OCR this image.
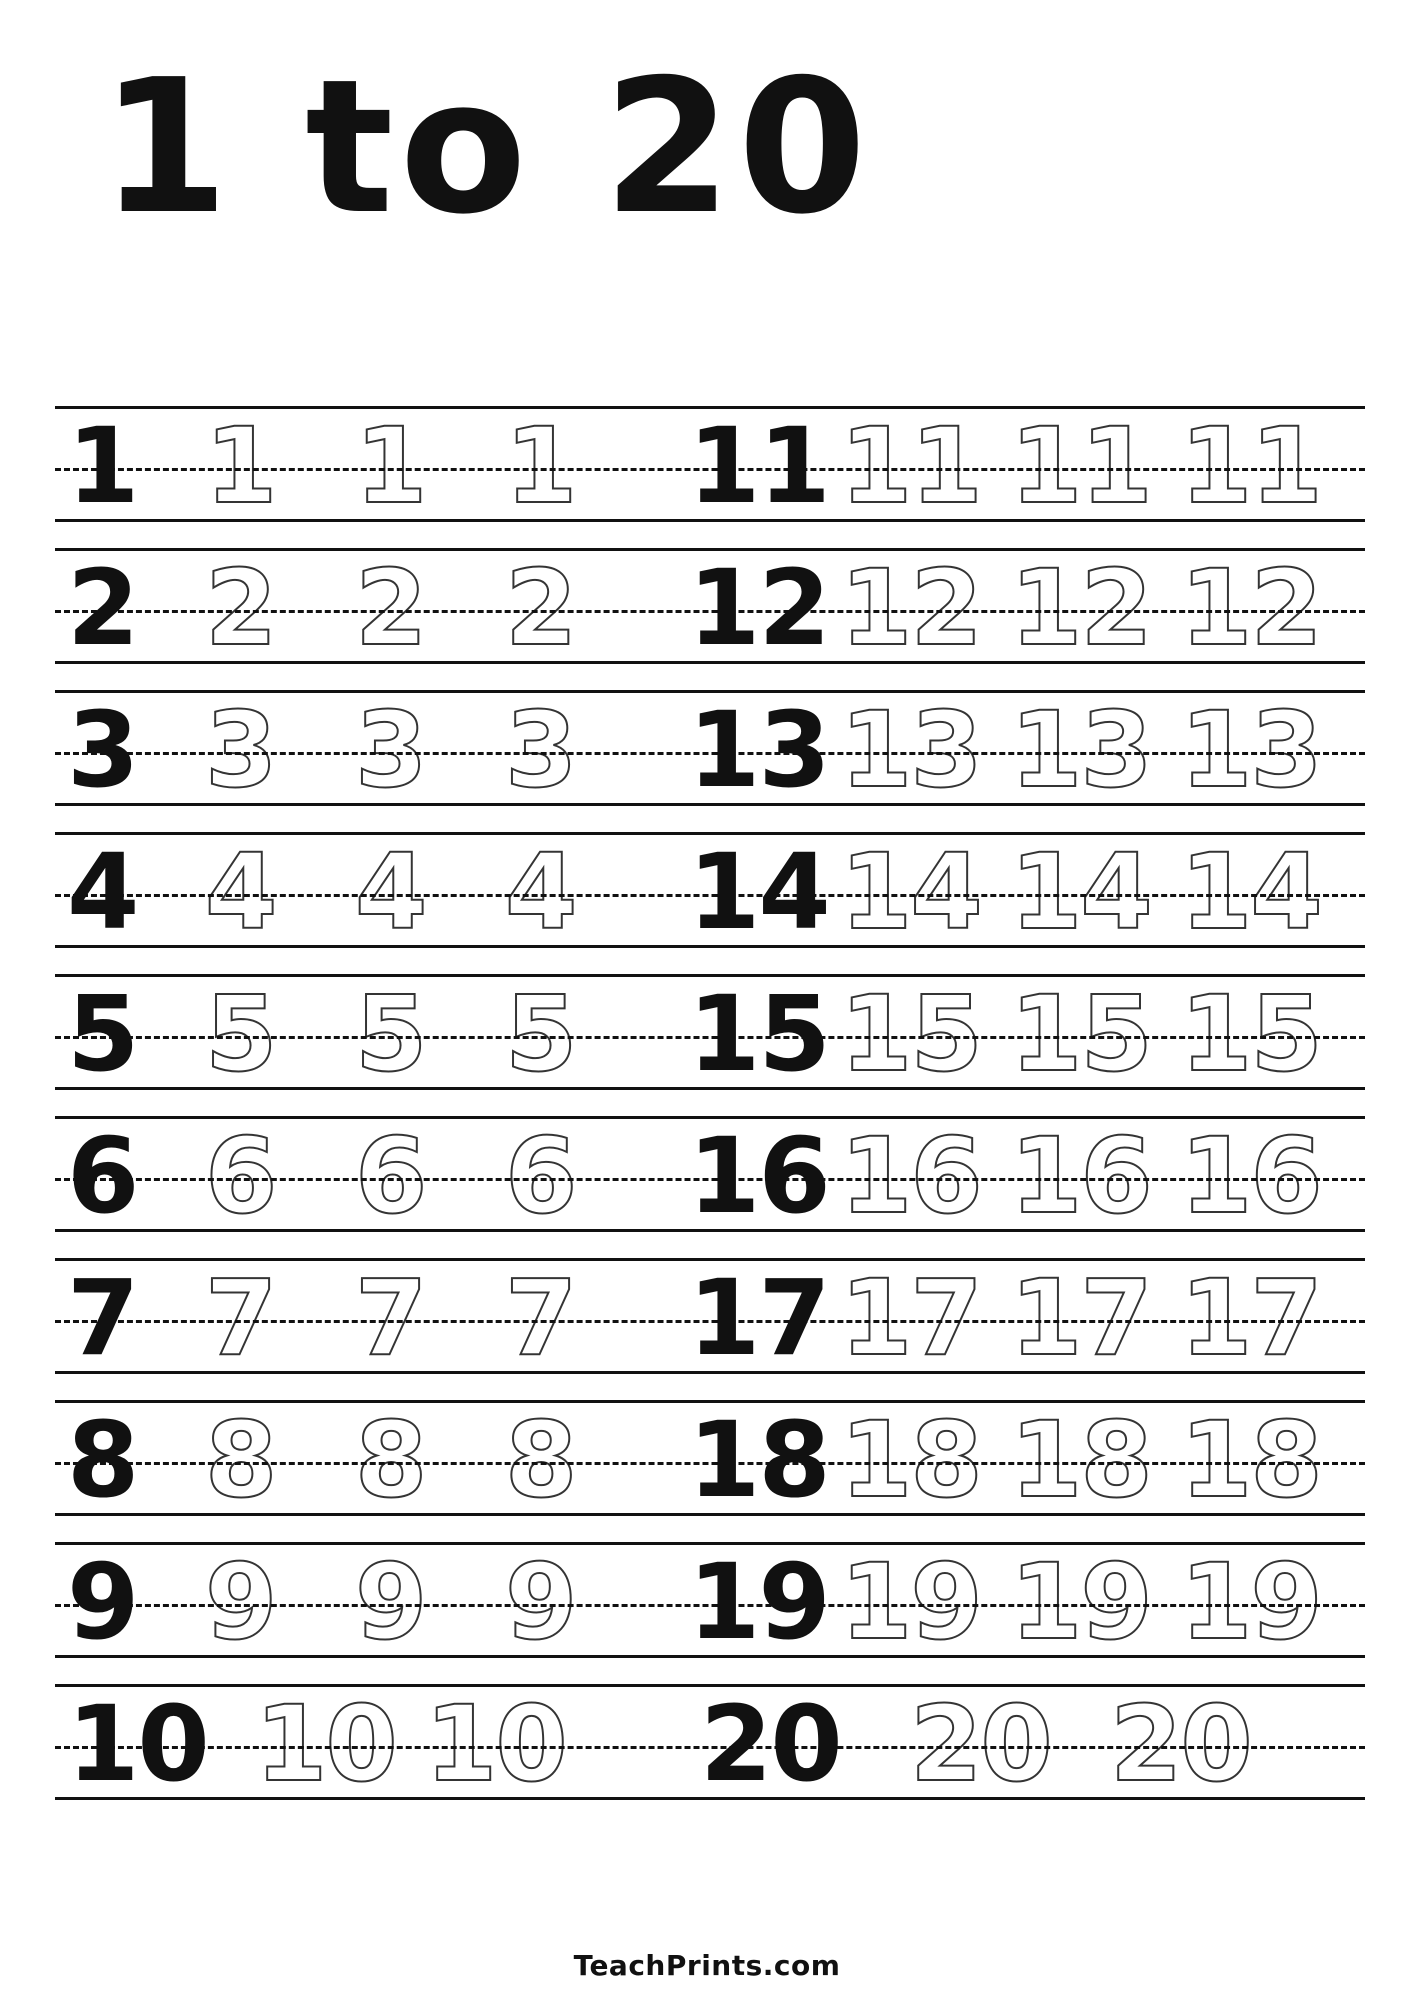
1 to 20
1 1 1 1 11 11 11 11
2 2 2 2 12 12 12 12
3 3 3 3 13 13 13 13
4 4 4 4 14 14 14 14
5 5 5 5 15 15 15 15
6 6 6 6 16 16 16 16
7 7 7 7 17 17 17 17
8 8 8 8 18 18 18 18
9 9 9 9 19 19 19 19
10 10 10 20 20 20
TeachPrints.com
